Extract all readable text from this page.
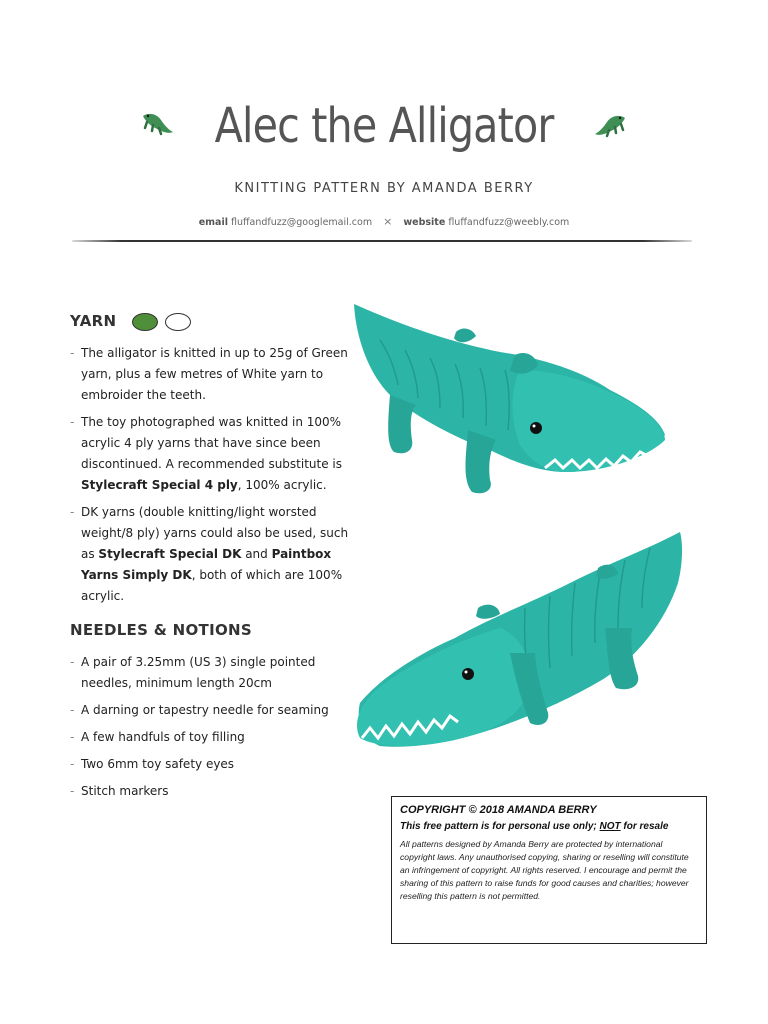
Alec the Alligator
KNITTING PATTERN BY AMANDA BERRY
email fluffandfuzz@googlemail.com × website fluffandfuzz@weebly.com
YARN
- The alligator is knitted in up to 25g of Green yarn, plus a few metres of White yarn to embroider the teeth.
- The toy photographed was knitted in 100% acrylic 4 ply yarns that have since been discontinued. A recommended substitute is Stylecraft Special 4 ply, 100% acrylic.
- DK yarns (double knitting/light worsted weight/8 ply) yarns could also be used, such as Stylecraft Special DK and Paintbox Yarns Simply DK, both of which are 100% acrylic.
NEEDLES & NOTIONS
- A pair of 3.25mm (US 3) single pointed needles, minimum length 20cm
- A darning or tapestry needle for seaming
- A few handfuls of toy filling
- Two 6mm toy safety eyes
- Stitch markers
COPYRIGHT © 2018 AMANDA BERRY
This free pattern is for personal use only; NOT for resale
All patterns designed by Amanda Berry are protected by international copyright laws. Any unauthorised copying, sharing or reselling will constitute an infringement of copyright. All rights reserved. I encourage and permit the sharing of this pattern to raise funds for good causes and charities; however reselling this pattern is not permitted.
